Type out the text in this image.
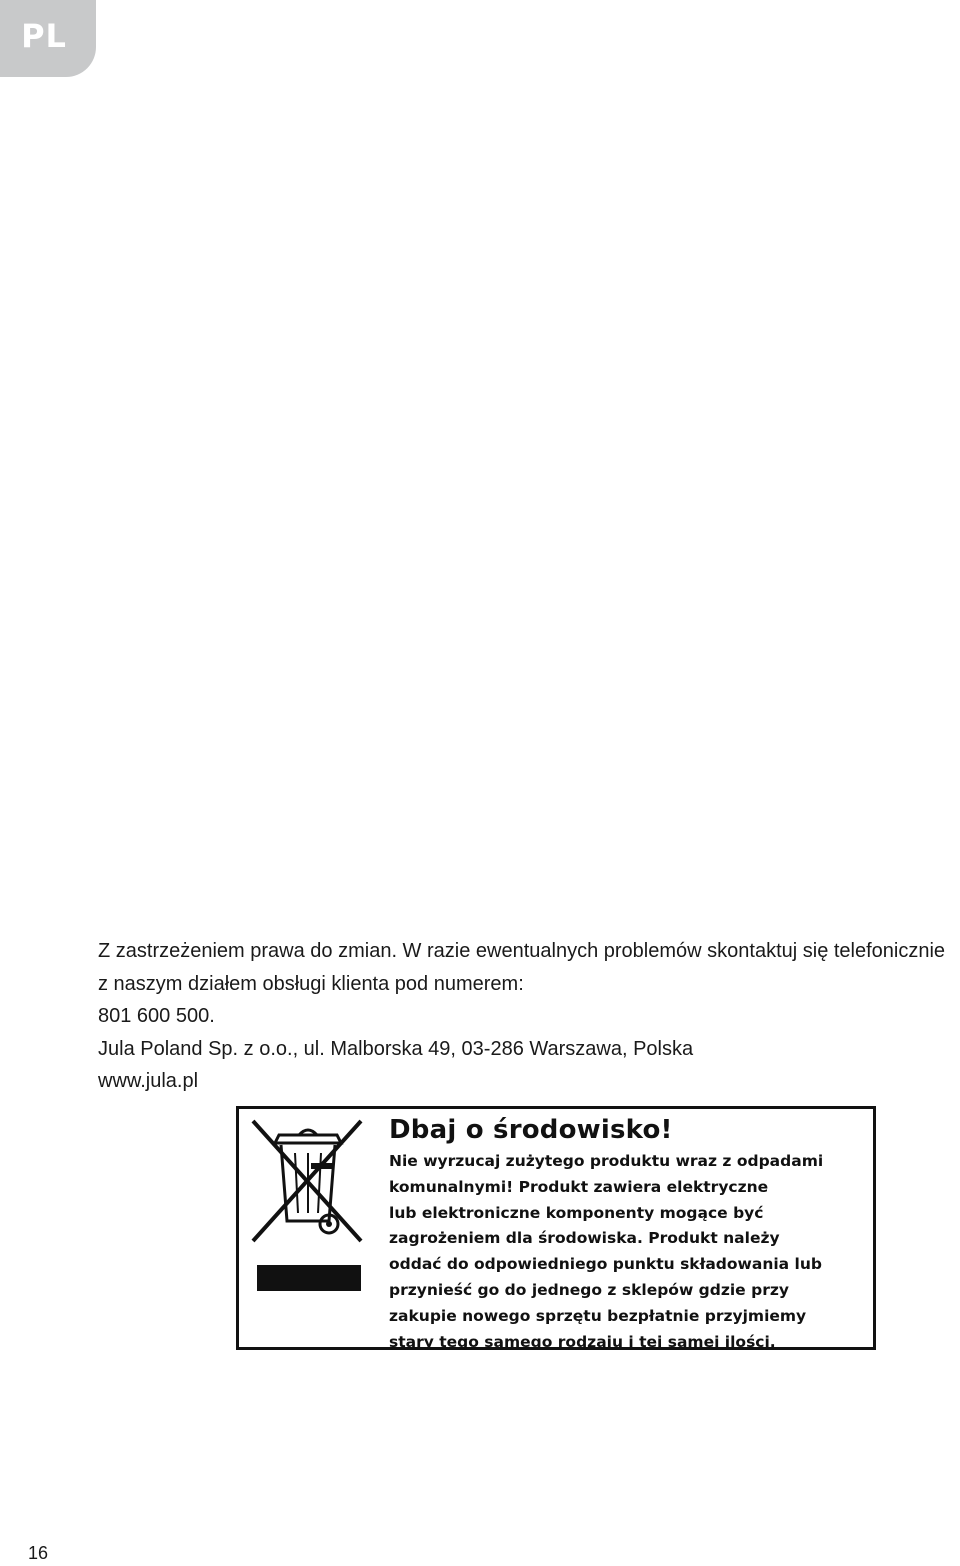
PL
Z zastrzeżeniem prawa do zmian. W razie ewentualnych problemów skontaktuj się telefonicznie
z naszym działem obsługi klienta pod numerem:
801 600 500.
Jula Poland Sp. z o.o., ul. Malborska 49, 03-286 Warszawa, Polska
www.jula.pl
Dbaj o środowisko!
Nie wyrzucaj zużytego produktu wraz z odpadami
komunalnymi! Produkt zawiera elektryczne
lub elektroniczne komponenty mogące być
zagrożeniem dla środowiska. Produkt należy
oddać do odpowiedniego punktu składowania lub
przynieść go do jednego z sklepów gdzie przy
zakupie nowego sprzętu bezpłatnie przyjmiemy
stary tego samego rodzaju i tej samej ilości.
16
